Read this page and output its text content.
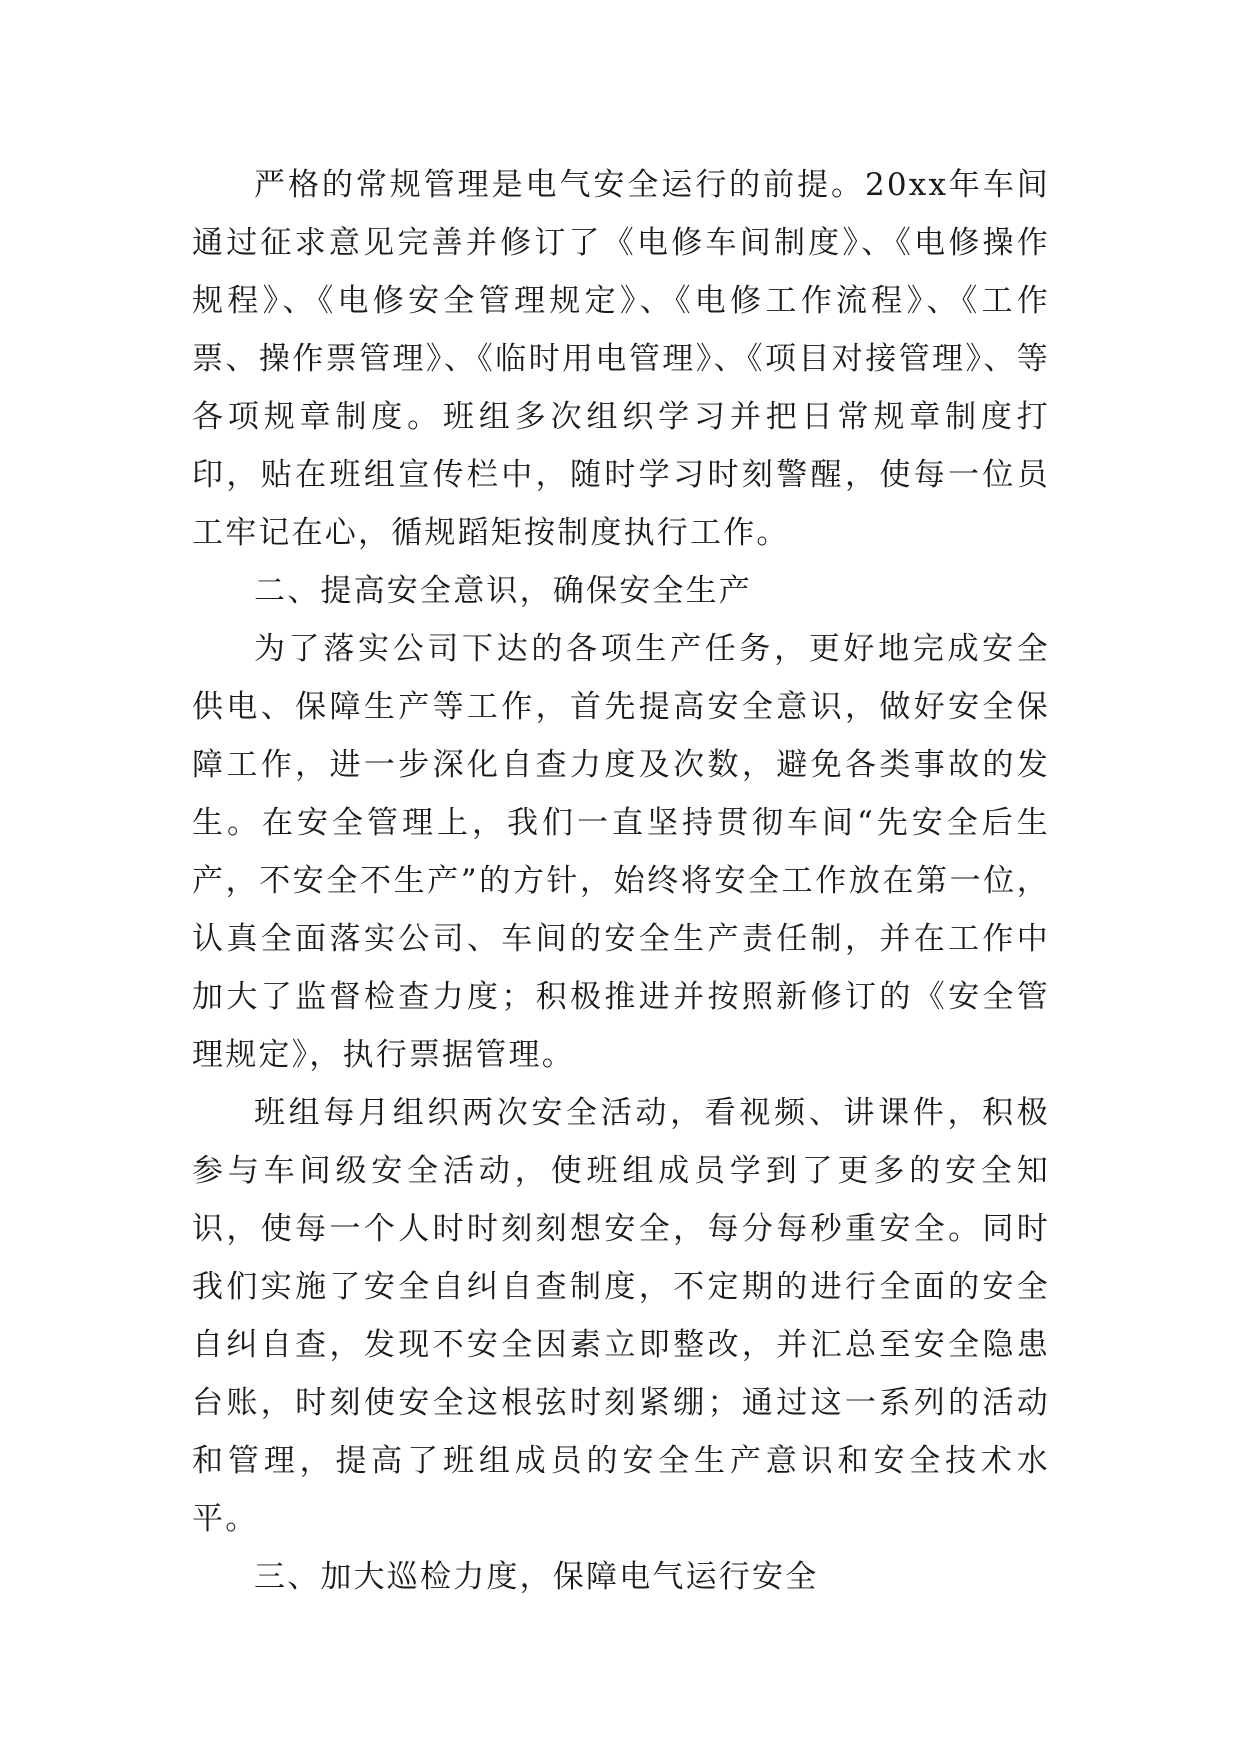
严格的常规管理是电气安全运行的前提。20xx年车间通过征求意见完善并修订了《电修车间制度》、《电修操作规程》、《电修安全管理规定》、《电修工作流程》、《工作票、操作票管理》、《临时用电管理》、《项目对接管理》、等各项规章制度。班组多次组织学习并把日常规章制度打印，贴在班组宣传栏中，随时学习时刻警醒，使每一位员工牢记在心，循规蹈矩按制度执行工作。

二、提高安全意识，确保安全生产

为了落实公司下达的各项生产任务，更好地完成安全供电、保障生产等工作，首先提高安全意识，做好安全保障工作，进一步深化自查力度及次数，避免各类事故的发生。在安全管理上，我们一直坚持贯彻车间“先安全后生产，不安全不生产”的方针，始终将安全工作放在第一位，认真全面落实公司、车间的安全生产责任制，并在工作中加大了监督检查力度；积极推进并按照新修订的《安全管理规定》，执行票据管理。

班组每月组织两次安全活动，看视频、讲课件，积极参与车间级安全活动，使班组成员学到了更多的安全知识，使每一个人时时刻刻想安全，每分每秒重安全。同时我们实施了安全自纠自查制度，不定期的进行全面的安全自纠自查，发现不安全因素立即整改，并汇总至安全隐患台账，时刻使安全这根弦时刻紧绷；通过这一系列的活动和管理，提高了班组成员的安全生产意识和安全技术水平。

三、加大巡检力度，保障电气运行安全
